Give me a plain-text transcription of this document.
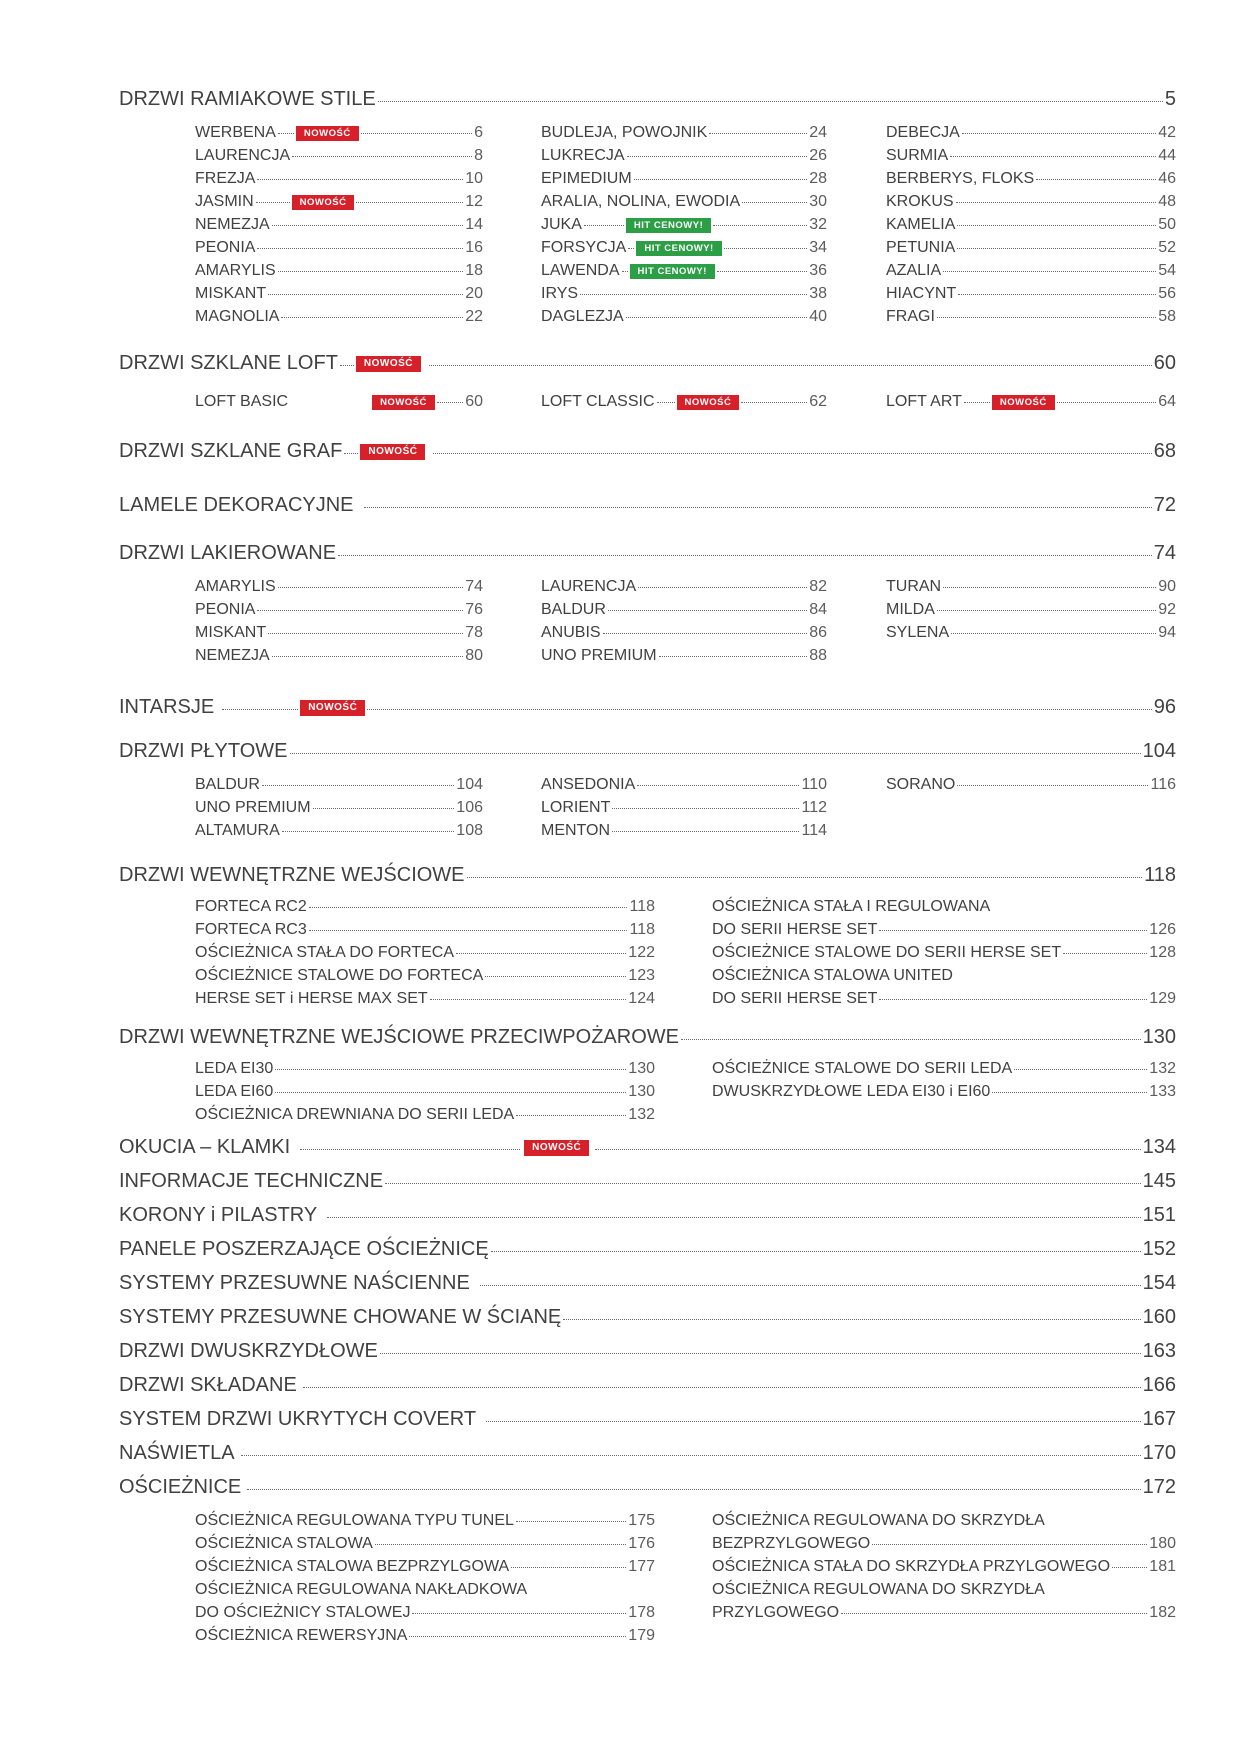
DRZWI RAMIAKOWE STILE	5
WERBENA	NOWOŚĆ	6
LAURENCJA	8
FREZJA	10
JASMIN	NOWOŚĆ	12
NEMEZJA	14
PEONIA	16
AMARYLIS	18
MISKANT	20
MAGNOLIA	22
BUDLEJA, POWOJNIK	24
LUKRECJA	26
EPIMEDIUM	28
ARALIA, NOLINA, EWODIA	30
JUKA	HIT CENOWY!	32
FORSYCJA	HIT CENOWY!	34
LAWENDA	HIT CENOWY!	36
IRYS	38
DAGLEZJA	40
DEBECJA	42
SURMIA	44
BERBERYS, FLOKS	46
KROKUS	48
KAMELIA	50
PETUNIA	52
AZALIA	54
HIACYNT	56
FRAGI	58
DRZWI SZKLANE LOFT	NOWOŚĆ	60
LOFT BASIC	NOWOŚĆ	60	LOFT CLASSIC	NOWOŚĆ	62	LOFT ART	NOWOŚĆ	64
DRZWI SZKLANE GRAF	NOWOŚĆ	68
LAMELE DEKORACYJNE	72
DRZWI LAKIEROWANE	74
AMARYLIS	74
PEONIA	76
MISKANT	78
NEMEZJA	80
LAURENCJA	82
BALDUR	84
ANUBIS	86
UNO PREMIUM	88
TURAN	90
MILDA	92
SYLENA	94
INTARSJE	NOWOŚĆ	96
DRZWI PŁYTOWE	104
BALDUR	104
UNO PREMIUM	106
ALTAMURA	108
ANSEDONIA	110
LORIENT	112
MENTON	114
SORANO	116
DRZWI WEWNĘTRZNE WEJŚCIOWE	118
FORTECA RC2	118
FORTECA RC3	118
OŚCIEŻNICA STAŁA DO FORTECA	122
OŚCIEŻNICE STALOWE DO FORTECA	123
HERSE SET i HERSE MAX SET	124
OŚCIEŻNICA STAŁA I REGULOWANA
DO SERII HERSE SET	126
OŚCIEŻNICE STALOWE DO SERII HERSE SET	128
OŚCIEŻNICA STALOWA UNITED
DO SERII HERSE SET	129
DRZWI WEWNĘTRZNE WEJŚCIOWE PRZECIWPOŻAROWE	130
LEDA EI30	130
LEDA EI60	130
OŚCIEŻNICA DREWNIANA DO SERII LEDA	132
OŚCIEŻNICE STALOWE DO SERII LEDA	132
DWUSKRZYDŁOWE LEDA EI30 i EI60	133
OKUCIA – KLAMKI	NOWOŚĆ	134
INFORMACJE TECHNICZNE	145
KORONY i PILASTRY	151
PANELE POSZERZAJĄCE OŚCIEŻNICĘ	152
SYSTEMY PRZESUWNE NAŚCIENNE	154
SYSTEMY PRZESUWNE CHOWANE W ŚCIANĘ	160
DRZWI DWUSKRZYDŁOWE	163
DRZWI SKŁADANE	166
SYSTEM DRZWI UKRYTYCH COVERT	167
NAŚWIETLA	170
OŚCIEŻNICE	172
OŚCIEŻNICA REGULOWANA TYPU TUNEL	175
OŚCIEŻNICA STALOWA	176
OŚCIEŻNICA STALOWA BEZPRZYLGOWA	177
OŚCIEŻNICA REGULOWANA NAKŁADKOWA
DO OŚCIEŻNICY STALOWEJ	178
OŚCIEŻNICA REWERSYJNA	179
OŚCIEŻNICA REGULOWANA DO SKRZYDŁA
BEZPRZYLGOWEGO	180
OŚCIEŻNICA STAŁA DO SKRZYDŁA PRZYLGOWEGO 181
OŚCIEŻNICA REGULOWANA DO SKRZYDŁA
PRZYLGOWEGO	182
